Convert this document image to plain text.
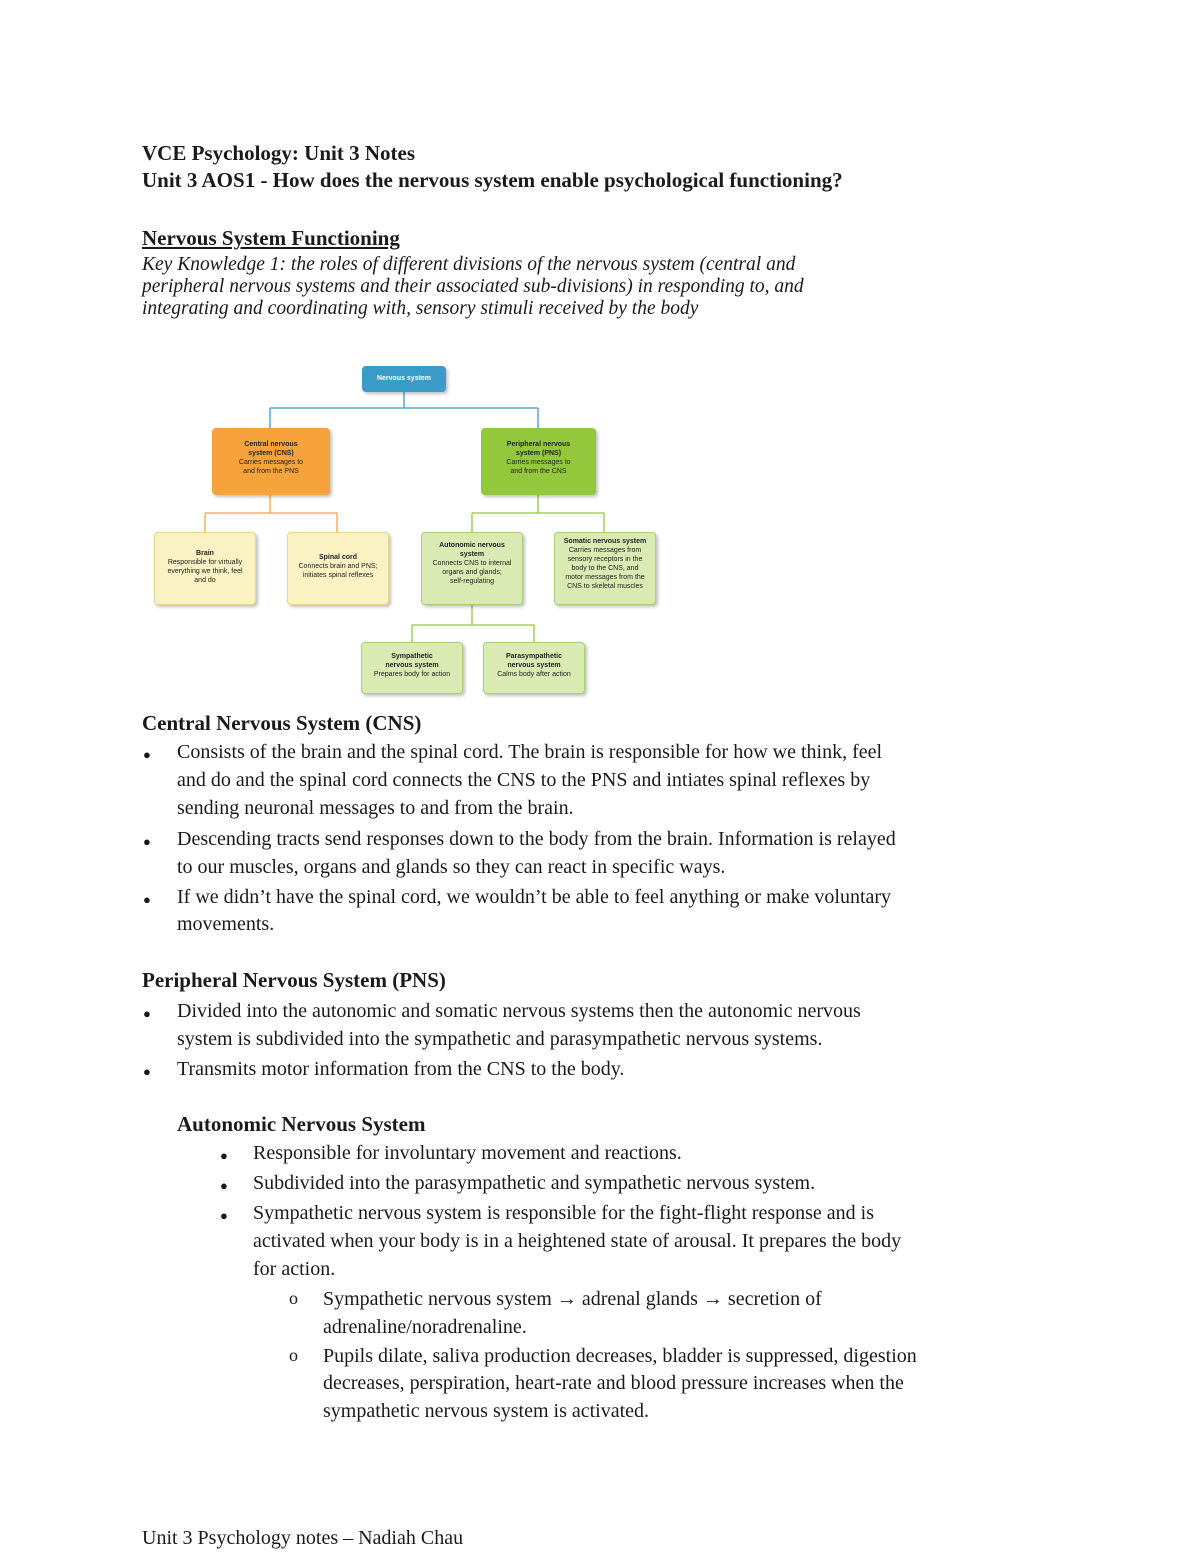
VCE Psychology: Unit 3 Notes

Unit 3 AOS1 - How does the nervous system enable psychological functioning?

Nervous System Functioning

Key Knowledge 1: the roles of different divisions of the nervous system (central and

peripheral nervous systems and their associated sub-divisions) in responding to, and

integrating and coordinating with, sensory stimuli received by the body

Nervous system
Central nervous system (CNS)
Carries messages to
and from the PNS
Peripheral nervous system (PNS)
Carries messages to
and from the CNS
Brain
Responsible for virtually
everything we think, feel
and do
Spinal cord
Connects brain and PNS;
initiates spinal reflexes
Autonomic nervous system
Connects CNS to internal
organs and glands;
self-regulating
Somatic nervous system
Carries messages from
sensory receptors in the
body to the CNS, and
motor messages from the
CNS to skeletal muscles
Sympathetic nervous system
Prepares body for action
Parasympathetic nervous system
Calms body after action

Central Nervous System (CNS)

● Consists of the brain and the spinal cord. The brain is responsible for how we think, feel

and do and the spinal cord connects the CNS to the PNS and intiates spinal reflexes by

sending neuronal messages to and from the brain.

● Descending tracts send responses down to the body from the brain. Information is relayed

to our muscles, organs and glands so they can react in specific ways.

● If we didn’t have the spinal cord, we wouldn’t be able to feel anything or make voluntary

movements.

Peripheral Nervous System (PNS)

● Divided into the autonomic and somatic nervous systems then the autonomic nervous

system is subdivided into the sympathetic and parasympathetic nervous systems.

● Transmits motor information from the CNS to the body.

Autonomic Nervous System

● Responsible for involuntary movement and reactions.

● Subdivided into the parasympathetic and sympathetic nervous system.

● Sympathetic nervous system is responsible for the fight-flight response and is

activated when your body is in a heightened state of arousal. It prepares the body

for action.

o Sympathetic nervous system → adrenal glands → secretion of

adrenaline/noradrenaline.

o Pupils dilate, saliva production decreases, bladder is suppressed, digestion

decreases, perspiration, heart-rate and blood pressure increases when the

sympathetic nervous system is activated.

Unit 3 Psychology notes – Nadiah Chau
